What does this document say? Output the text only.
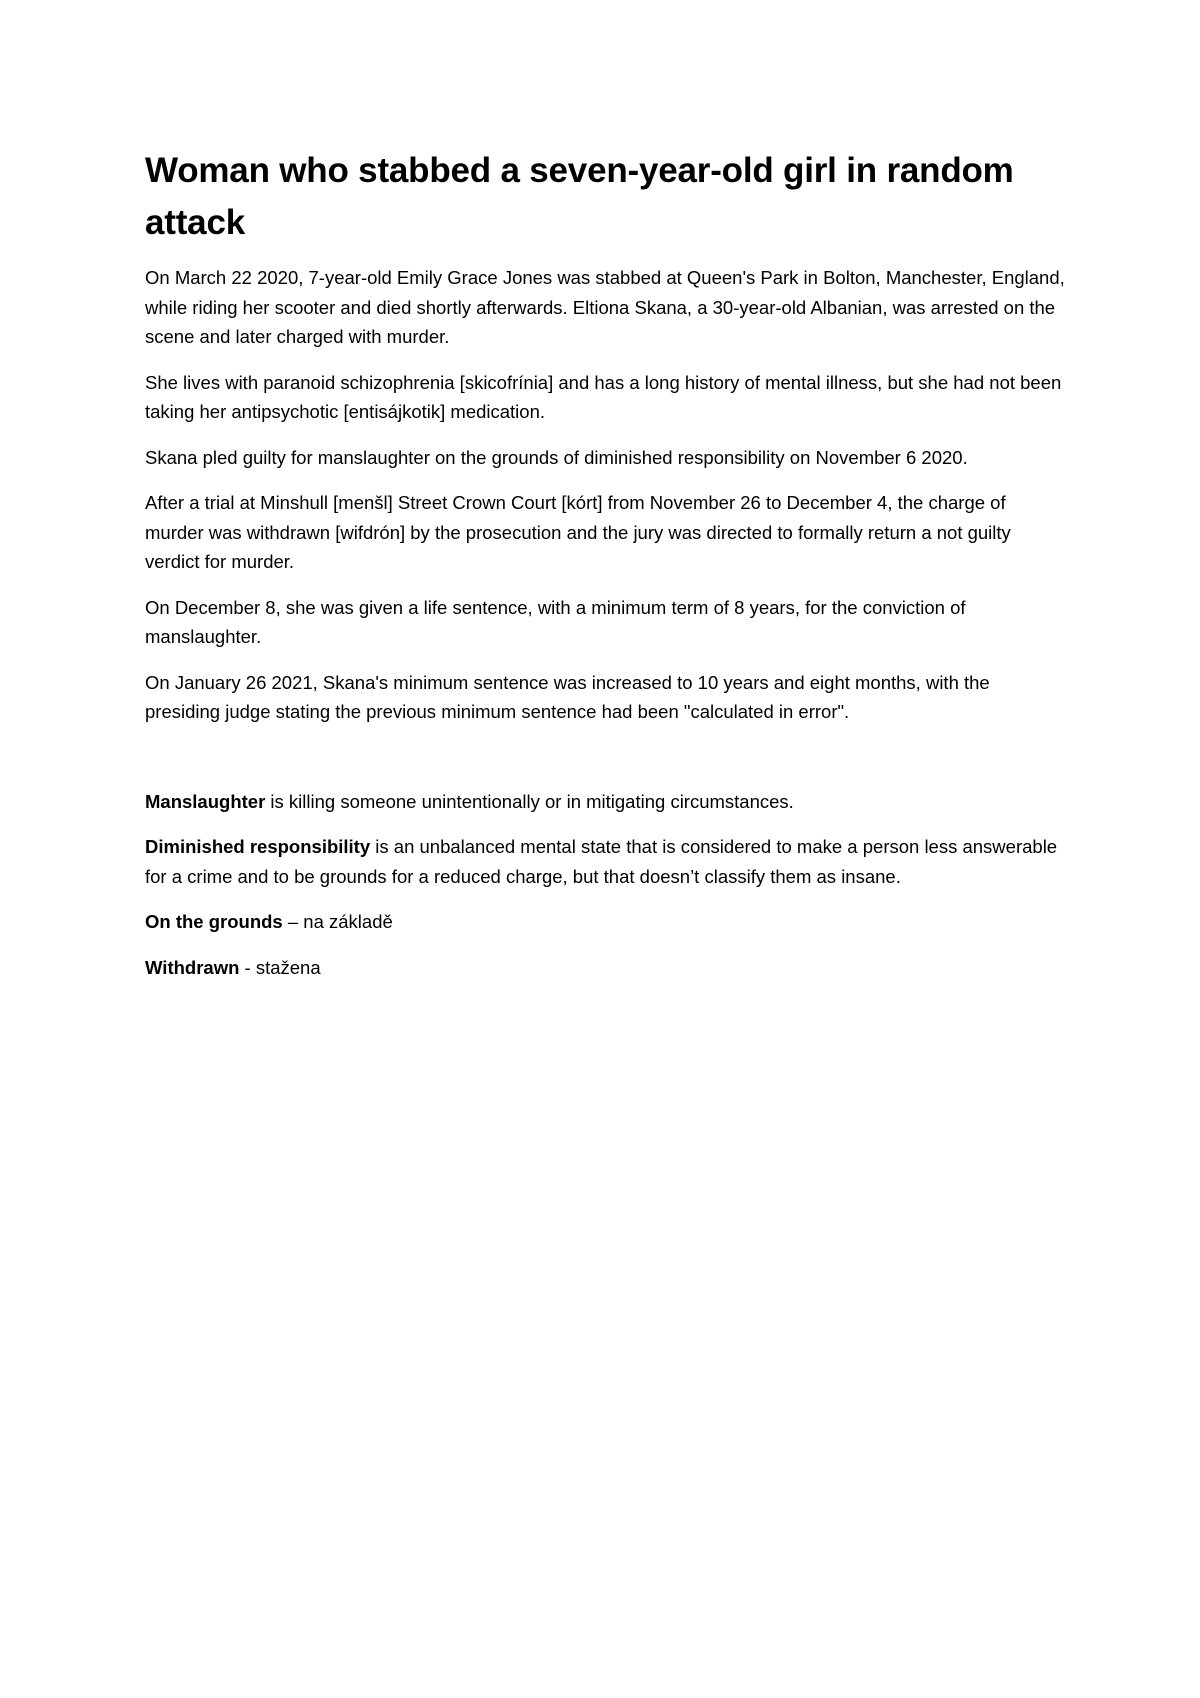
Woman who stabbed a seven-year-old girl in random attack

On March 22 2020, 7-year-old Emily Grace Jones was stabbed at Queen's Park in Bolton, Manchester, England, while riding her scooter and died shortly afterwards. Eltiona Skana, a 30-year-old Albanian, was arrested on the scene and later charged with murder.

She lives with paranoid schizophrenia [skicofrínia] and has a long history of mental illness, but she had not been taking her antipsychotic [entisájkotik] medication.

Skana pled guilty for manslaughter on the grounds of diminished responsibility on November 6 2020.

After a trial at Minshull [menšl] Street Crown Court [kórt] from November 26 to December 4, the charge of murder was withdrawn [wifdrón] by the prosecution and the jury was directed to formally return a not guilty verdict for murder.

On December 8, she was given a life sentence, with a minimum term of 8 years, for the conviction of manslaughter.

On January 26 2021, Skana's minimum sentence was increased to 10 years and eight months, with the presiding judge stating the previous minimum sentence had been "calculated in error".

Manslaughter is killing someone unintentionally or in mitigating circumstances.

Diminished responsibility is an unbalanced mental state that is considered to make a person less answerable for a crime and to be grounds for a reduced charge, but that doesn’t classify them as insane.

On the grounds – na základě

Withdrawn - stažena
